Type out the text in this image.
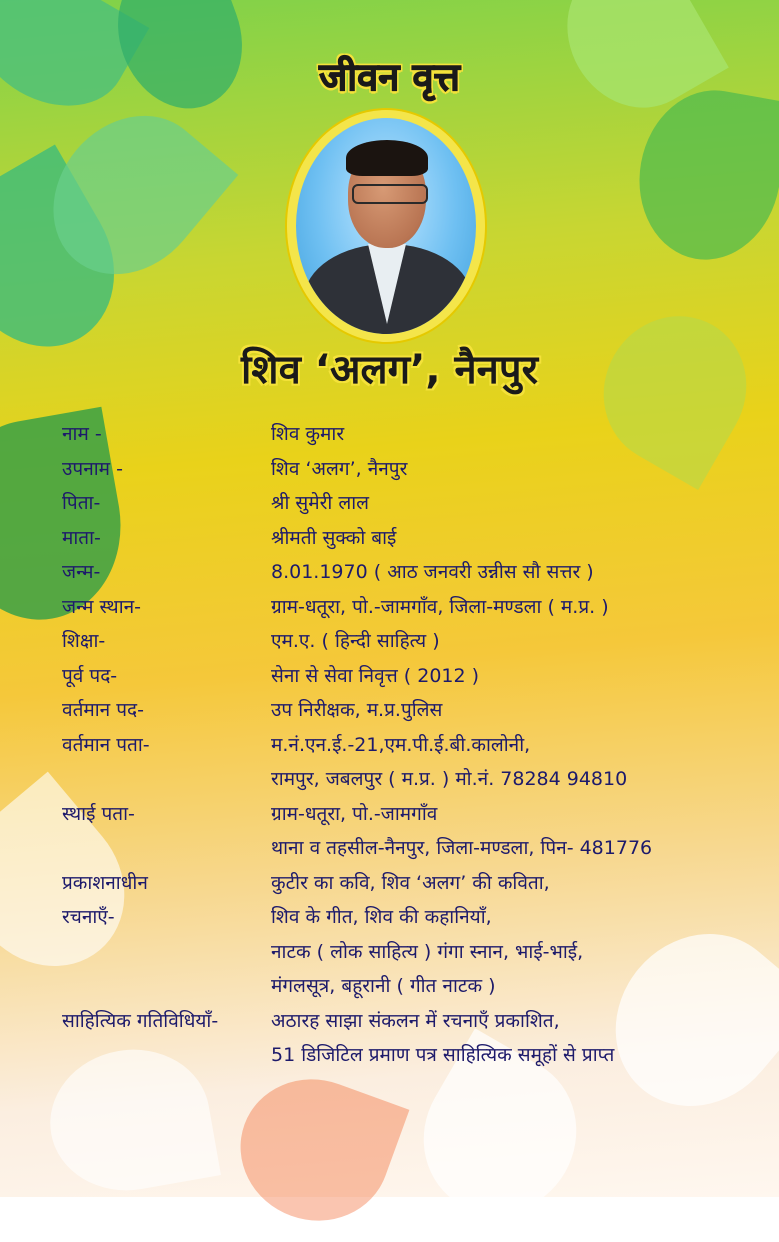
जीवन वृत्त
शिव ‘अलग’, नैनपुर
नाम -	शिव कुमार
उपनाम -	शिव ‘अलग’, नैनपुर
पिता-	श्री सुमेरी लाल
माता-	श्रीमती सुक्को बाई
जन्म-	8.01.1970 ( आठ जनवरी उन्नीस सौ सत्तर )
जन्म स्थान-	ग्राम-धतूरा, पो.-जामगाँव, जिला-मण्डला ( म.प्र. )
शिक्षा-	एम.ए. ( हिन्दी साहित्य )
पूर्व पद-	सेना से सेवा निवृत्त ( 2012 )
वर्तमान पद-	उप निरीक्षक, म.प्र.पुलिस
वर्तमान पता-	म.नं.एन.ई.-21,एम.पी.ई.बी.कालोनी,
रामपुर, जबलपुर ( म.प्र. ) मो.नं. 78284 94810
स्थाई पता-	ग्राम-धतूरा, पो.-जामगाँव
थाना व तहसील-नैनपुर, जिला-मण्डला, पिन- 481776
प्रकाशनाधीन	कुटीर का कवि, शिव ‘अलग’ की कविता,
रचनाएँ-	शिव के गीत, शिव की कहानियाँ,
नाटक ( लोक साहित्य ) गंगा स्नान, भाई-भाई,
मंगलसूत्र, बहूरानी ( गीत नाटक )
साहित्यिक गतिविधियाँ-	अठारह साझा संकलन में रचनाएँ प्रकाशित,
51 डिजिटिल प्रमाण पत्र साहित्यिक समूहों से प्राप्त
